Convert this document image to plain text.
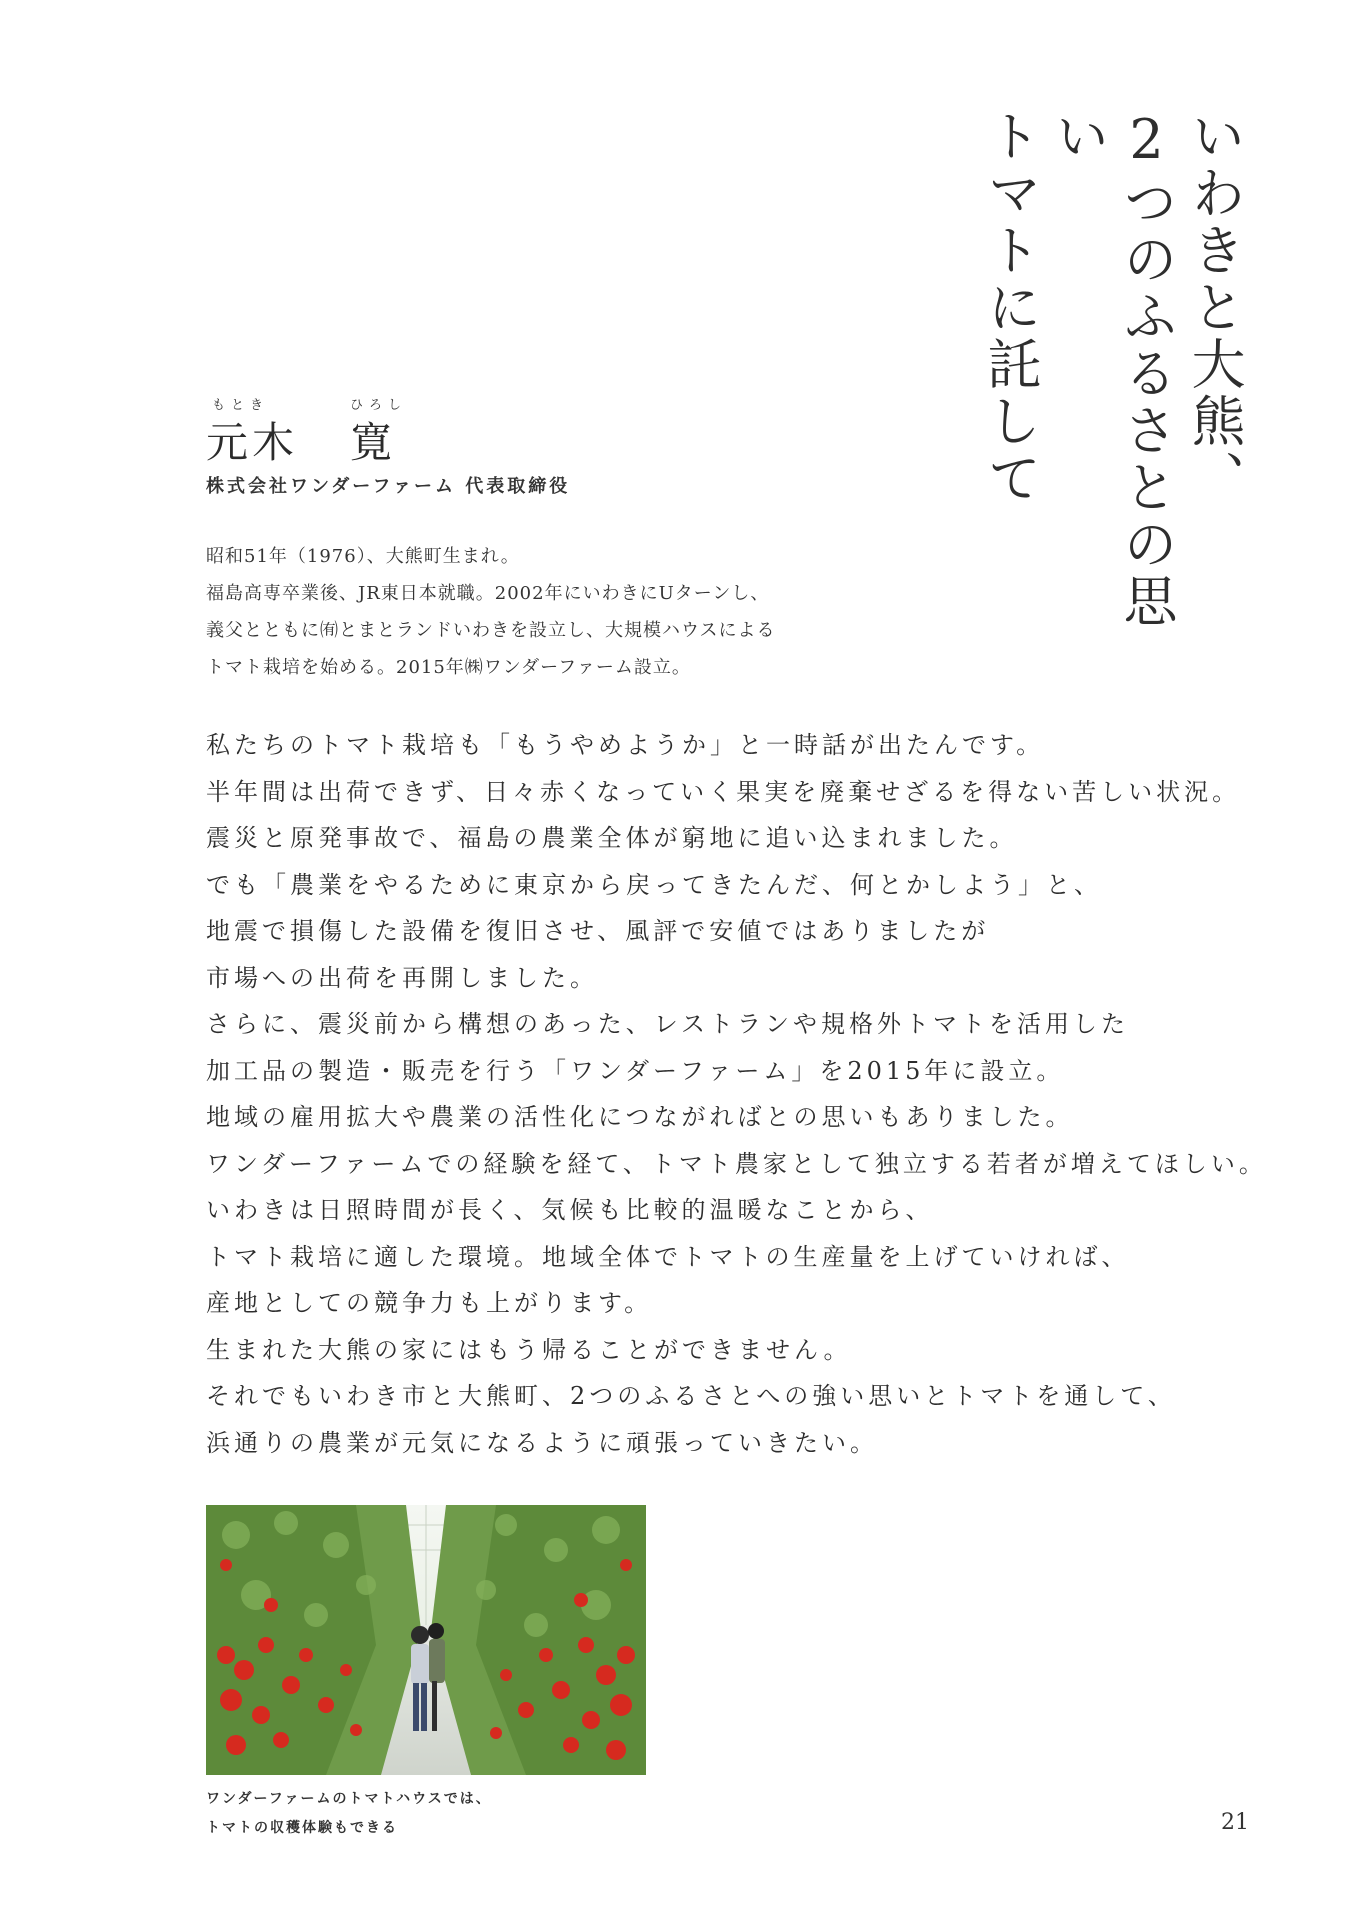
いわきと大熊、
2つのふるさとの思い
トマトに託して
もとき	ひろし
元木 寛
株式会社ワンダーファーム 代表取締役
昭和51年（1976）、大熊町生まれ。
福島高専卒業後、JR東日本就職。2002年にいわきにUターンし、
義父とともに㈲とまとランドいわきを設立し、大規模ハウスによる
トマト栽培を始める。2015年㈱ワンダーファーム設立。
私たちのトマト栽培も「もうやめようか」と一時話が出たんです。
半年間は出荷できず、日々赤くなっていく果実を廃棄せざるを得ない苦しい状況。
震災と原発事故で、福島の農業全体が窮地に追い込まれました。
でも「農業をやるために東京から戻ってきたんだ、何とかしよう」と、
地震で損傷した設備を復旧させ、風評で安値ではありましたが
市場への出荷を再開しました。
さらに、震災前から構想のあった、レストランや規格外トマトを活用した
加工品の製造・販売を行う「ワンダーファーム」を2015年に設立。
地域の雇用拡大や農業の活性化につながればとの思いもありました。
ワンダーファームでの経験を経て、トマト農家として独立する若者が増えてほしい。
いわきは日照時間が長く、気候も比較的温暖なことから、
トマト栽培に適した環境。地域全体でトマトの生産量を上げていければ、
産地としての競争力も上がります。
生まれた大熊の家にはもう帰ることができません。
それでもいわき市と大熊町、2つのふるさとへの強い思いとトマトを通して、
浜通りの農業が元気になるように頑張っていきたい。
ワンダーファームのトマトハウスでは、
トマトの収穫体験もできる	21
